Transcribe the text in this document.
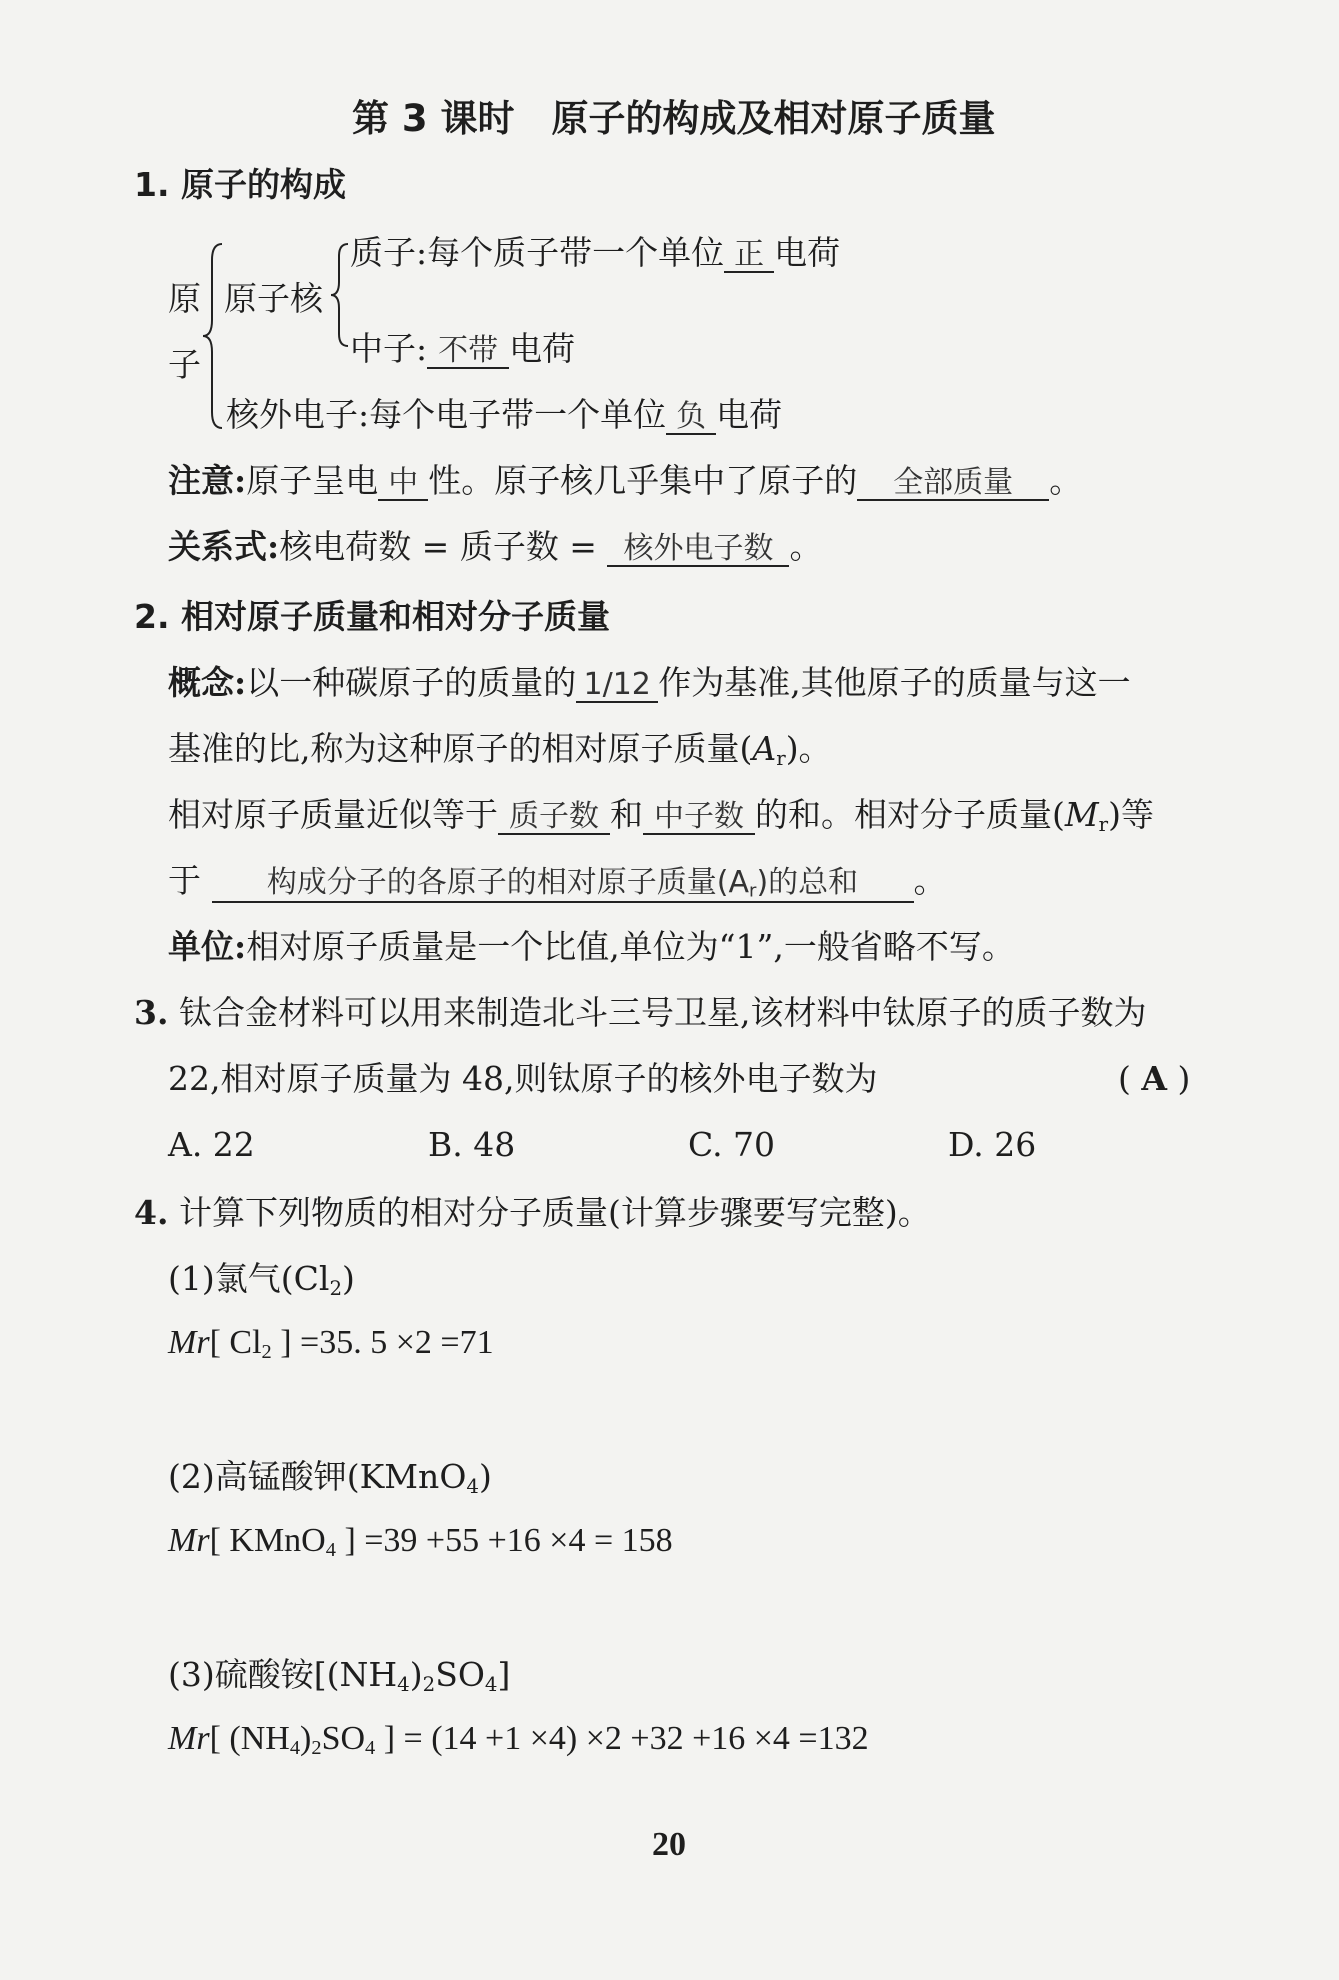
第 3 课时　原子的构成及相对原子质量
1. 原子的构成
原
子
原子核
质子:每个质子带一个单位 正 电荷
中子: 不带 电荷
核外电子:每个电子带一个单位 负 电荷
注意:原子呈电 中 性。原子核几乎集中了原子的 全部质量 。
关系式:核电荷数 = 质子数 = 核外电子数 。
2. 相对原子质量和相对分子质量
概念:以一种碳原子的质量的 1/12 作为基准,其他原子的质量与这一
基准的比,称为这种原子的相对原子质量$(A_r)$。
相对原子质量近似等于 质子数 和 中子数 的和。相对分子质量$(M_r)$等
于 构成分子的各原子的相对原子质量$(A_r)$的总和 。
单位:相对原子质量是一个比值,单位为“1”,一般省略不写。
3. 钛合金材料可以用来制造北斗三号卫星,该材料中钛原子的质子数为
22,相对原子质量为 48,则钛原子的核外电子数为	( A )
A. 22	B. 48	C. 70	D. 26
4. 计算下列物质的相对分子质量(计算步骤要写完整)。
(1)氯气$(Cl_2)$
Mr[ $Cl_2$ ] =35. 5 ×2 =71
(2)高锰酸钾(KMnO$_4$)
Mr[ KMnO$_4$ ] =39 +55 +16 ×4 = 158
(3)硫酸铵$[(NH_4)_2SO_4]$
Mr[ $(NH_4)_2SO_4$ ] = (14 +1 ×4) ×2 +32 +16 ×4 =132
20
